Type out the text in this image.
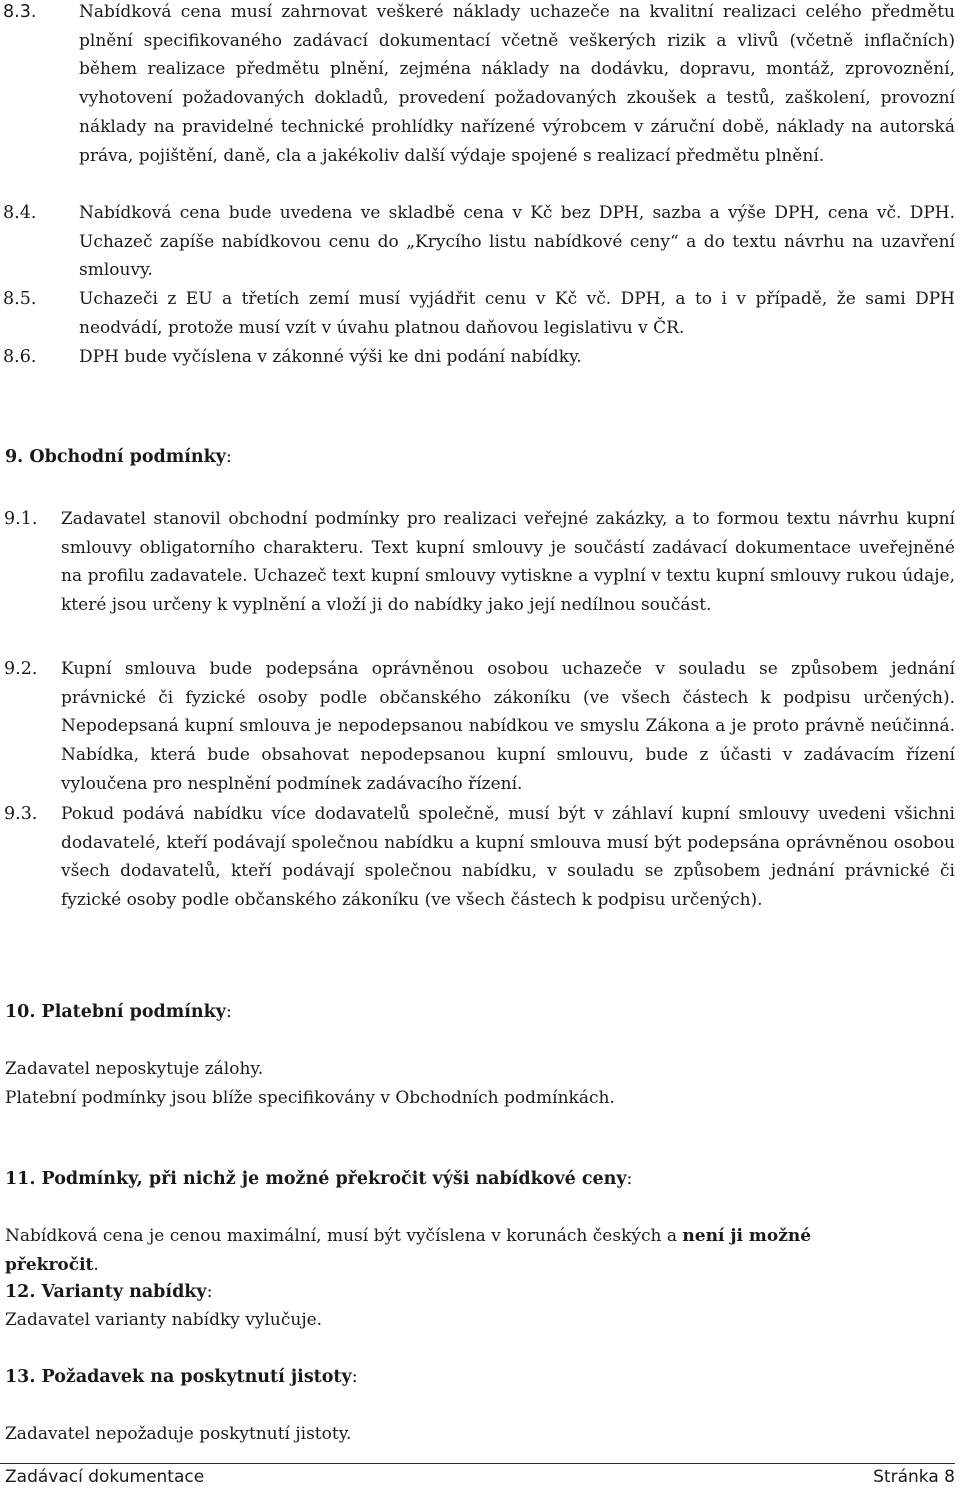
8.3.	Nabídková cena musí zahrnovat veškeré náklady uchazeče na kvalitní realizaci celého předmětu plnění specifikovaného zadávací dokumentací včetně veškerých rizik a vlivů (včetně inflačních) během realizace předmětu plnění, zejména náklady na dodávku, dopravu, montáž, zprovoznění, vyhotovení požadovaných dokladů, provedení požadovaných zkoušek a testů, zaškolení, provozní náklady na pravidelné technické prohlídky nařízené výrobcem v záruční době, náklady na autorská práva, pojištění, daně, cla a jakékoliv další výdaje spojené s realizací předmětu plnění.
8.4.	Nabídková cena bude uvedena ve skladbě cena v Kč bez DPH, sazba a výše DPH, cena vč. DPH. Uchazeč zapíše nabídkovou cenu do „Krycího listu nabídkové ceny“ a do textu návrhu na uzavření smlouvy.
8.5.	Uchazeči z EU a třetích zemí musí vyjádřit cenu v Kč vč. DPH, a to i v případě, že sami DPH neodvádí, protože musí vzít v úvahu platnou daňovou legislativu v ČR.
8.6.	DPH bude vyčíslena v zákonné výši ke dni podání nabídky.
9. Obchodní podmínky:
9.1. Zadavatel stanovil obchodní podmínky pro realizaci veřejné zakázky, a to formou textu návrhu kupní smlouvy obligatorního charakteru. Text kupní smlouvy je součástí zadávací dokumentace uveřejněné na profilu zadavatele. Uchazeč text kupní smlouvy vytiskne a vyplní v textu kupní smlouvy rukou údaje, které jsou určeny k vyplnění a vloží ji do nabídky jako její nedílnou součást.
9.2. Kupní smlouva bude podepsána oprávněnou osobou uchazeče v souladu se způsobem jednání právnické či fyzické osoby podle občanského zákoníku (ve všech částech k podpisu určených). Nepodepsaná kupní smlouva je nepodepsanou nabídkou ve smyslu Zákona a je proto právně neúčinná. Nabídka, která bude obsahovat nepodepsanou kupní smlouvu, bude z účasti v zadávacím řízení vyloučena pro nesplnění podmínek zadávacího řízení.
9.3. Pokud podává nabídku více dodavatelů společně, musí být v záhlaví kupní smlouvy uvedeni všichni dodavatelé, kteří podávají společnou nabídku a kupní smlouva musí být podepsána oprávněnou osobou všech dodavatelů, kteří podávají společnou nabídku, v souladu se způsobem jednání právnické či fyzické osoby podle občanského zákoníku (ve všech částech k podpisu určených).
10. Platební podmínky:
Zadavatel neposkytuje zálohy.
Platební podmínky jsou blíže specifikovány v Obchodních podmínkách.
11. Podmínky, při nichž je možné překročit výši nabídkové ceny:
Nabídková cena je cenou maximální, musí být vyčíslena v korunách českých a není ji možné překročit.
12. Varianty nabídky:
Zadavatel varianty nabídky vylučuje.
13. Požadavek na poskytnutí jistoty:
Zadavatel nepožaduje poskytnutí jistoty.
Zadávací dokumentace	Stránka 8
